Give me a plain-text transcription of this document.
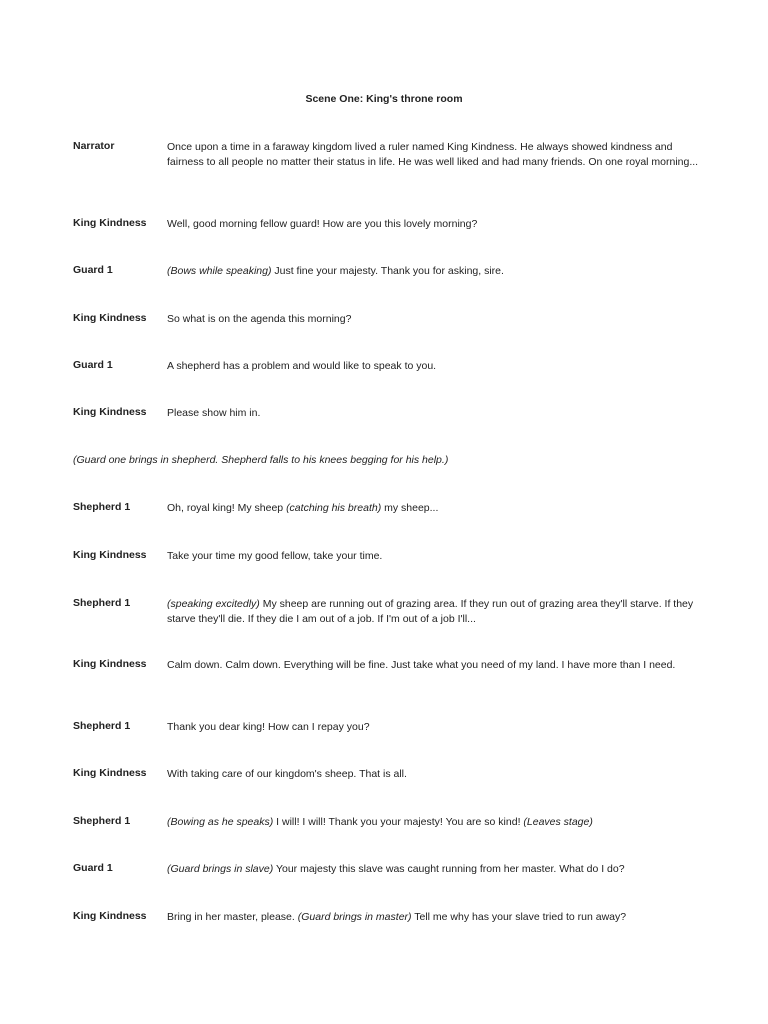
Scene One: King's throne room
Narrator	Once upon a time in a faraway kingdom lived a ruler named King Kindness. He always showed kindness and fairness to all people no matter their status in life. He was well liked and had many friends. On one royal morning...
King Kindness	Well, good morning fellow guard! How are you this lovely morning?
Guard 1	(Bows while speaking) Just fine your majesty. Thank you for asking, sire.
King Kindness	So what is on the agenda this morning?
Guard 1	A shepherd has a problem and would like to speak to you.
King Kindness	Please show him in.
(Guard one brings in shepherd. Shepherd falls to his knees begging for his help.)
Shepherd 1	Oh, royal king! My sheep (catching his breath) my sheep...
King Kindness	Take your time my good fellow, take your time.
Shepherd 1	(speaking excitedly) My sheep are running out of grazing area. If they run out of grazing area they'll starve. If they starve they'll die. If they die I am out of a job. If I'm out of a job I'll...
King Kindness	Calm down. Calm down. Everything will be fine. Just take what you need of my land. I have more than I need.
Shepherd 1	Thank you dear king! How can I repay you?
King Kindness	With taking care of our kingdom's sheep. That is all.
Shepherd 1	(Bowing as he speaks) I will! I will! Thank you your majesty! You are so kind! (Leaves stage)
Guard 1	(Guard brings in slave) Your majesty this slave was caught running from her master. What do I do?
King Kindness	Bring in her master, please. (Guard brings in master) Tell me why has your slave tried to run away?
